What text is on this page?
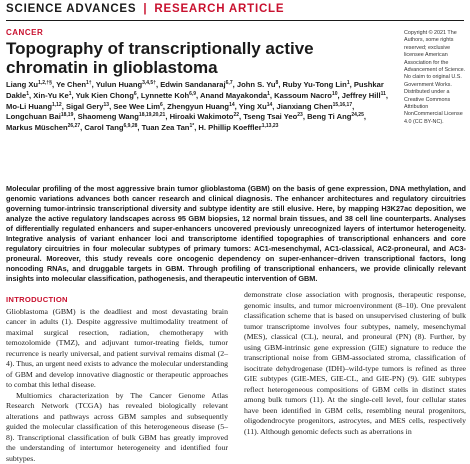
SCIENCE ADVANCES | RESEARCH ARTICLE
CANCER
Topography of transcriptionally active chromatin in glioblastoma

Liang $Xu^{1,2,\dagger\S}$, Ye Chen$^{1\dagger}$, Yulun Huang$^{3,4,5\dagger}$, Edwin Sandanaraj$^{6,7}$, John S. Yu$^8$, Ruby Yu-Tong Lin$^1$, Pushkar Dakle$^1$, Xin-Yu Ke$^1$, Yuk Kien Chong$^6$, Lynnette Koh$^{6,9}$, Anand Mayakonda$^1$, Kassoum Nacro$^{10}$, Jeffrey Hill$^{11}$, Mo-Li Huang$^{1,12}$, Sigal Gery$^{13}$, See Wee Lim$^6$, Zhengyun Huang$^{14}$, Ying Xu$^{14}$, Jianxiang Chen$^{15,16,17}$, Longchuan Bai$^{18,19}$, Shaomeng Wang$^{18,19,20,21}$, Hiroaki Wakimoto$^{22}$, Tseng Tsai Yeo$^{23}$, Beng Ti Ang$^{24,25}$, Markus Müschen$^{26,27}$, Carol Tang$^{6,9,28}$, Tuan Zea Tan$^{1*}$, H. Phillip Koeffler$^{1,13,23}$

Copyright © 2021 The Authors, some rights reserved; exclusive licensee American Association for the Advancement of Science. No claim to original U.S. Government Works. Distributed under a Creative Commons Attribution NonCommercial License 4.0 (CC BY-NC).

Molecular profiling of the most aggressive brain tumor glioblastoma (GBM) on the basis of gene expression, DNA methylation, and genomic variations advances both cancer research and clinical diagnosis. The enhancer architectures and regulatory circuitries governing tumor-intrinsic transcriptional diversity and subtype identity are still elusive. Here, by mapping H3K27ac deposition, we analyze the active regulatory landscapes across 95 GBM biopsies, 12 normal brain tissues, and 38 cell line counterparts. Analyses of differentially regulated enhancers and super-enhancers uncovered previously unrecognized layers of intertumor heterogeneity. Integrative analysis of variant enhancer loci and transcriptome identified topographies of transcriptional enhancers and core regulatory circuitries in four molecular subtypes of primary tumors: AC1-mesenchymal, AC1-classical, AC2-proneural, and AC3-proneural. Moreover, this study reveals core oncogenic dependency on super-enhancer–driven transcriptional factors, long noncoding RNAs, and druggable targets in GBM. Through profiling of transcriptional enhancers, we provide clinically relevant insights into molecular classification, pathogenesis, and therapeutic intervention of GBM.

INTRODUCTION

Glioblastoma (GBM) is the deadliest and most devastating brain cancer in adults (1). Despite aggressive multimodality treatment of maximal surgical resection, radiation, chemotherapy with temozolomide (TMZ), and adjuvant tumor-treating fields, tumor recurrence is nearly universal, and patient survival remains dismal (2–4). Thus, an urgent need exists to advance the molecular understanding of GBM and develop innovative diagnostic or therapeutic approaches to combat this lethal disease.

Multiomics characterization by The Cancer Genome Atlas Research Network (TCGA) has revealed biologically relevant alterations and pathways across GBM samples and subsequently guided the molecular classification of this heterogeneous disease (5–8). Transcriptional classification of bulk GBM has greatly improved the understanding of intertumor heterogeneity and identified four subtypes.

demonstrate close association with prognosis, therapeutic response, genomic insults, and tumor microenvironment (8–10). One prevalent classification scheme that is based on unsupervised clustering of bulk tumor transcriptome involves four subtypes, namely, mesenchymal (MES), classical (CL), neural, and proneural (PN) (8). Further, by using GBM-intrinsic gene expression (GIE) signature to reduce the transcriptional noise from GBM-associated stroma, classification of isocitrate dehydrogenase (IDH)–wild-type tumors is refined as three GIE subtypes (GIE-MES, GIE-CL, and GIE-PN) (9). GIE subtypes reflect heterogeneous compositions of GBM cells in distinct states among bulk tumors (11). At the single-cell level, four cellular states have been identified in GBM cells, resembling neural progenitors, oligodendrocyte progenitors, astrocytes, and MES cells, respectively (11). Although genomic defects such as aberrations in
